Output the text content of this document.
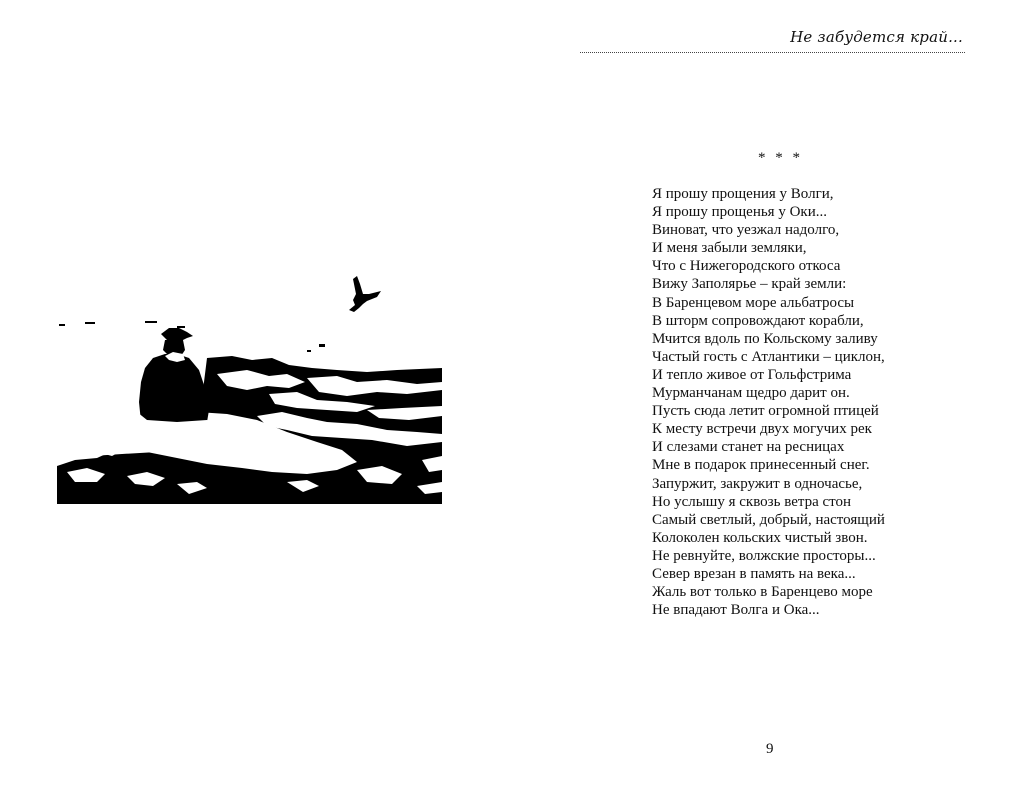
Не забудется край...
* * *
Я прошу прощения у Волги,
Я прошу прощенья у Оки...
Виноват, что уезжал надолго,
И меня забыли земляки,
Что с Нижегородского откоса
Вижу Заполярье – край земли:
В Баренцевом море альбатросы
В шторм сопровождают корабли,
Мчится вдоль по Кольскому заливу
Частый гость с Атлантики – циклон,
И тепло живое от Гольфстрима
Мурманчанам щедро дарит он.
Пусть сюда летит огромной птицей
К месту встречи двух могучих рек
И слезами станет на ресницах
Мне в подарок принесенный снег.
Запуржит, закружит в одночасье,
Но услышу я сквозь ветра стон
Самый светлый, добрый, настоящий
Колоколен кольских чистый звон.
Не ревнуйте, волжские просторы...
Север врезан в память на века...
Жаль вот только в Баренцево море
Не впадают Волга и Ока...
9
